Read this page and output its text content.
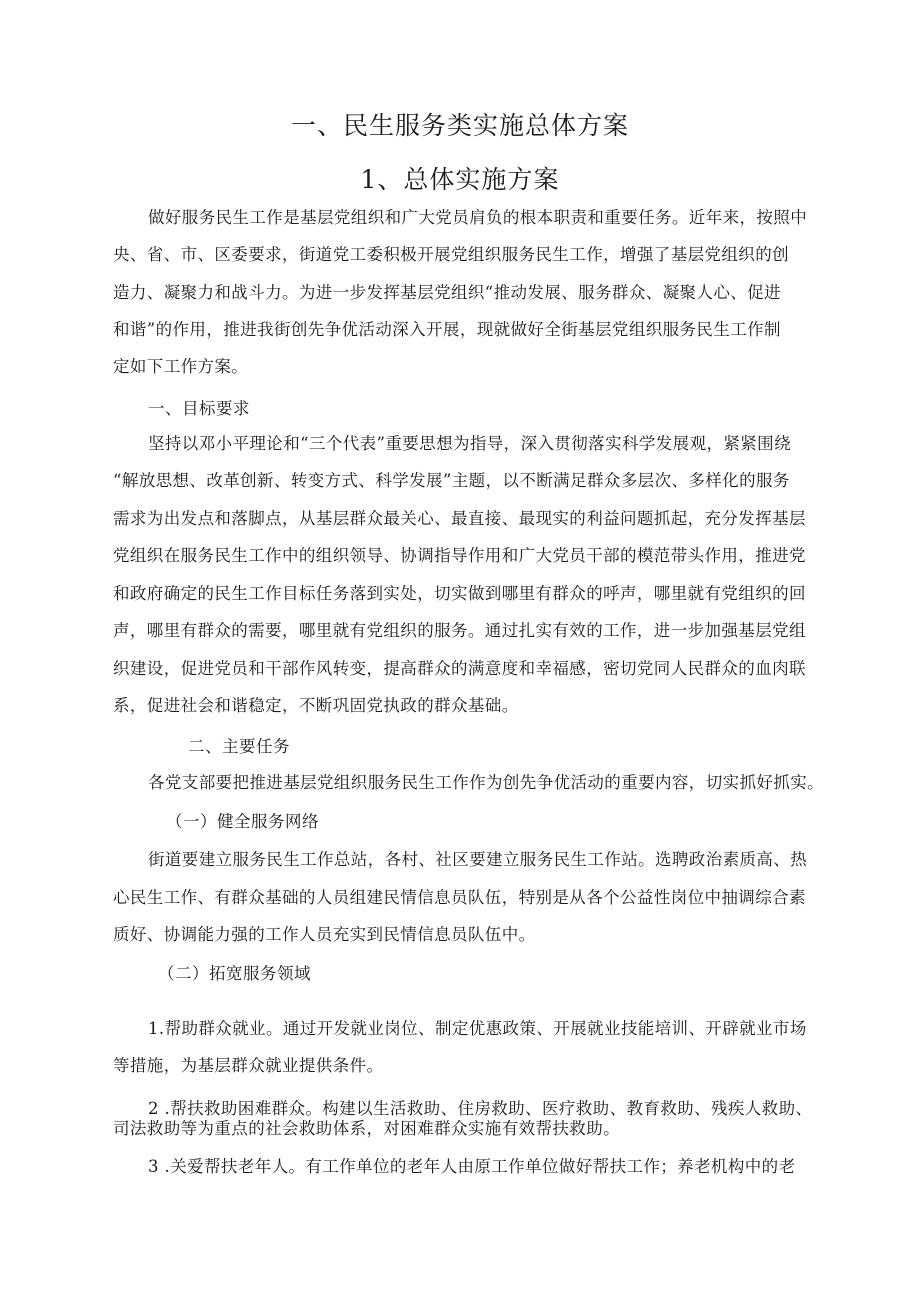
一、民生服务类实施总体方案
1、总体实施方案
做好服务民生工作是基层党组织和广大党员肩负的根本职责和重要任务。近年来，按照中
央、省、市、区委要求，街道党工委积极开展党组织服务民生工作，增强了基层党组织的创
造力、凝聚力和战斗力。为进一步发挥基层党组织“推动发展、服务群众、凝聚人心、促进
和谐”的作用，推进我街创先争优活动深入开展，现就做好全街基层党组织服务民生工作制
定如下工作方案。
一、目标要求
坚持以邓小平理论和“三个代表”重要思想为指导，深入贯彻落实科学发展观，紧紧围绕
“解放思想、改革创新、转变方式、科学发展”主题，以不断满足群众多层次、多样化的服务
需求为出发点和落脚点，从基层群众最关心、最直接、最现实的利益问题抓起，充分发挥基层
党组织在服务民生工作中的组织领导、协调指导作用和广大党员干部的模范带头作用，推进党
和政府确定的民生工作目标任务落到实处，切实做到哪里有群众的呼声，哪里就有党组织的回
声，哪里有群众的需要，哪里就有党组织的服务。通过扎实有效的工作，进一步加强基层党组
织建设，促进党员和干部作风转变，提高群众的满意度和幸福感，密切党同人民群众的血肉联
系，促进社会和谐稳定，不断巩固党执政的群众基础。
二、主要任务
各党支部要把推进基层党组织服务民生工作作为创先争优活动的重要内容，切实抓好抓实。
（一）健全服务网络
街道要建立服务民生工作总站，各村、社区要建立服务民生工作站。选聘政治素质高、热
心民生工作、有群众基础的人员组建民情信息员队伍，特别是从各个公益性岗位中抽调综合素
质好、协调能力强的工作人员充实到民情信息员队伍中。
（二）拓宽服务领域
1.帮助群众就业。通过开发就业岗位、制定优惠政策、开展就业技能培训、开辟就业市场
等措施，为基层群众就业提供条件。
2 .帮扶救助困难群众。构建以生活救助、住房救助、医疗救助、教育救助、残疾人救助、
司法救助等为重点的社会救助体系，对困难群众实施有效帮扶救助。
3 .关爱帮扶老年人。有工作单位的老年人由原工作单位做好帮扶工作；养老机构中的老
